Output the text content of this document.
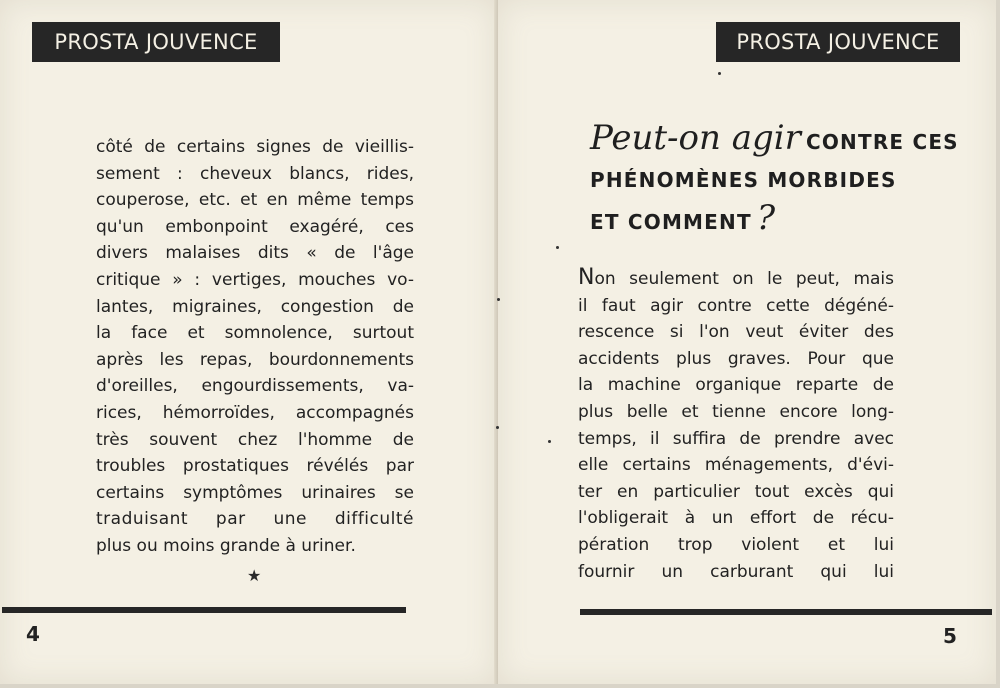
PROSTA JOUVENCE
côté de certains signes de vieillis-
sement : cheveux blancs, rides,
couperose, etc. et en même temps
qu'un embonpoint exagéré, ces
divers malaises dits « de l'âge
critique » : vertiges, mouches vo-
lantes, migraines, congestion de
la face et somnolence, surtout
après les repas, bourdonnements
d'oreilles, engourdissements, va-
rices, hémorroïdes, accompagnés
très souvent chez l'homme de
troubles prostatiques révélés par
certains symptômes urinaires se
traduisant par une difficulté
plus ou moins grande à uriner.
★
4
PROSTA JOUVENCE
Peut-on agir CONTRE CES
PHÉNOMÈNES MORBIDES
ET COMMENT ?
Non seulement on le peut, mais
il faut agir contre cette dégéné-
rescence si l'on veut éviter des
accidents plus graves. Pour que
la machine organique reparte de
plus belle et tienne encore long-
temps, il suffira de prendre avec
elle certains ménagements, d'évi-
ter en particulier tout excès qui
l'obligerait à un effort de récu-
pération trop violent et lui
fournir un carburant qui lui
5
